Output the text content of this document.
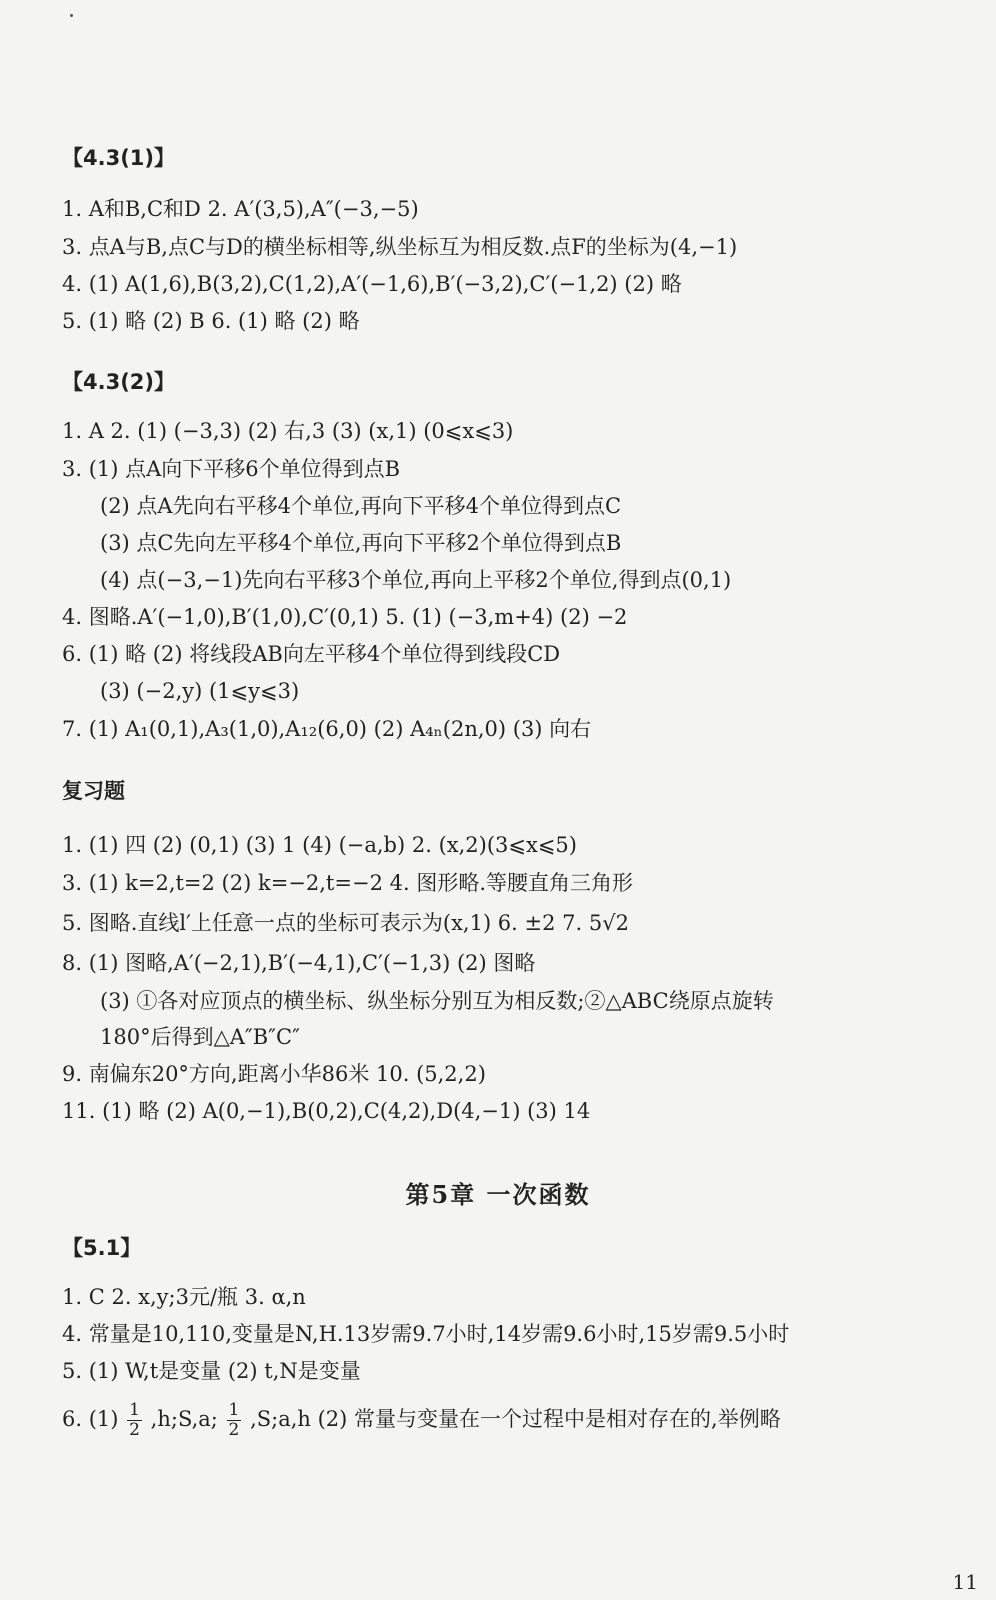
【4.3(1)】
1. A和B,C和D 2. A′(3,5),A″(−3,−5)
3. 点A与B,点C与D的横坐标相等,纵坐标互为相反数.点F的坐标为(4,−1)
4. (1) A(1,6),B(3,2),C(1,2),A′(−1,6),B′(−3,2),C′(−1,2) (2) 略
5. (1) 略 (2) B 6. (1) 略 (2) 略
【4.3(2)】
1. A 2. (1) (−3,3) (2) 右,3 (3) (x,1) (0⩽x⩽3)
3. (1) 点A向下平移6个单位得到点B
(2) 点A先向右平移4个单位,再向下平移4个单位得到点C
(3) 点C先向左平移4个单位,再向下平移2个单位得到点B
(4) 点(−3,−1)先向右平移3个单位,再向上平移2个单位,得到点(0,1)
4. 图略.A′(−1,0),B′(1,0),C′(0,1) 5. (1) (−3,m+4) (2) −2
6. (1) 略 (2) 将线段AB向左平移4个单位得到线段CD
(3) (−2,y) (1⩽y⩽3)
7. (1) A₁(0,1),A₃(1,0),A₁₂(6,0) (2) A₄ₙ(2n,0) (3) 向右
复习题
1. (1) 四 (2) (0,1) (3) 1 (4) (−a,b) 2. (x,2)(3⩽x⩽5)
3. (1) k=2,t=2 (2) k=−2,t=−2 4. 图形略.等腰直角三角形
5. 图略.直线l′上任意一点的坐标可表示为(x,1) 6. ±2 7. 5√2
8. (1) 图略,A′(−2,1),B′(−4,1),C′(−1,3) (2) 图略
(3) ①各对应顶点的横坐标、纵坐标分别互为相反数;②△ABC绕原点旋转
180°后得到△A″B″C″
9. 南偏东20°方向,距离小华86米 10. (5,2,2)
11. (1) 略 (2) A(0,−1),B(0,2),C(4,2),D(4,−1) (3) 14
第5章 一次函数
【5.1】
1. C 2. x,y;3元/瓶 3. α,n
4. 常量是10,110,变量是N,H.13岁需9.7小时,14岁需9.6小时,15岁需9.5小时
5. (1) W,t是变量 (2) t,N是变量
6. $(1) \frac{1}{2}$ ,h;S,a; $\frac{1}{2}$ ,S;a,h (2) 常量与变量在一个过程中是相对存在的,举例略
11
